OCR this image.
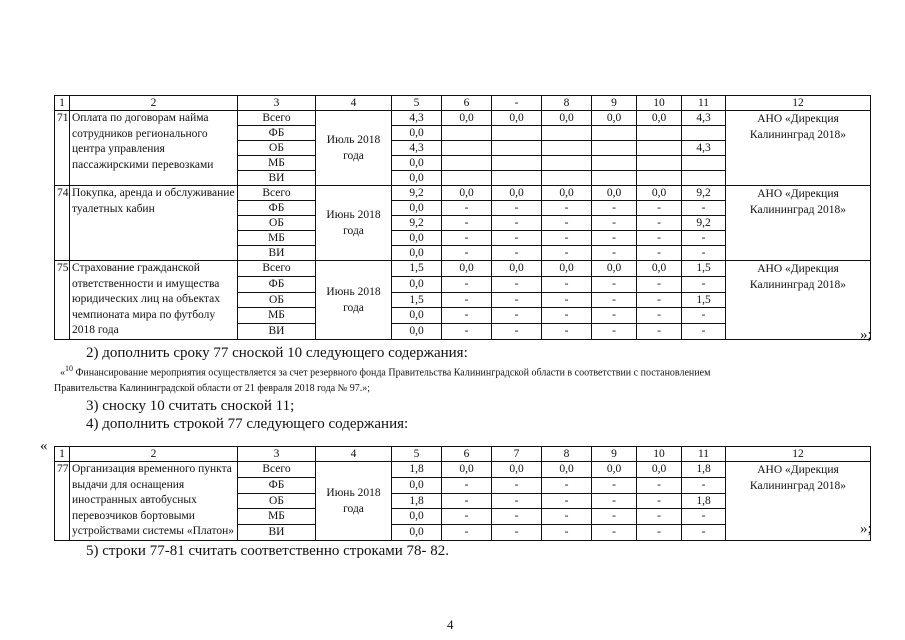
1	2	3	4	5	6	-	8	9	10	11	12
71	Оплата по договорам найма сотрудников регионального центра управления пассажирскими перевозками	Всего	Июль 2018 года	4,3	0,0	0,0	0,0	0,0	0,0	4,3	АНО «Дирекция Калининград 2018»
		ФБ		0,0							
		ОБ		4,3						4,3	
		МБ		0,0							
		ВИ		0,0							
74	Покупка, аренда и обслуживание туалетных кабин	Всего	Июнь 2018 года	9,2	0,0	0,0	0,0	0,0	0,0	9,2	АНО «Дирекция Калининград 2018»
		ФБ		0,0	-	-	-	-	-	-	
		ОБ		9,2	-	-	-	-	-	9,2	
		МБ		0,0	-	-	-	-	-	-	
		ВИ		0,0	-	-	-	-	-	-	
75	Страхование гражданской ответственности и имущества юридических лиц на объектах чемпионата мира по футболу 2018 года	Всего	Июнь 2018 года	1,5	0,0	0,0	0,0	0,0	0,0	1,5	АНО «Дирекция Калининград 2018»
		ФБ		0,0	-	-	-	-	-	-	
		ОБ		1,5	-	-	-	-	-	1,5	
		МБ		0,0	-	-	-	-	-	-	
		ВИ		0,0	-	-	-	-	-	-		»;
2) дополнить сроку 77 сноской 10 следующего содержания:
«$^{10}$ Финансирование мероприятия осуществляется за счет резервного фонда Правительства Калининградской области в соответствии с постановлением
Правительства Калининградской области от 21 февраля 2018 года № 97.»;
3) сноску 10 считать сноской 11;
4) дополнить строкой 77 следующего содержания:
« 1	2	3	4	5	6	7	8	9	10	11	12
77	Организация временного пункта выдачи для оснащения иностранных автобусных перевозчиков бортовыми устройствами системы «Платон»	Всего	Июнь 2018 года	1,8	0,0	0,0	0,0	0,0	0,0	1,8	АНО «Дирекция Калининград 2018»
		ФБ		0,0	-	-	-	-	-	-	
		ОБ		1,8	-	-	-	-	-	1,8	
		МБ		0,0	-	-	-	-	-	-	
		ВИ		0,0	-	-	-	-	-	-		»;
5) строки 77-81 считать соответственно строками 78- 82.
4
